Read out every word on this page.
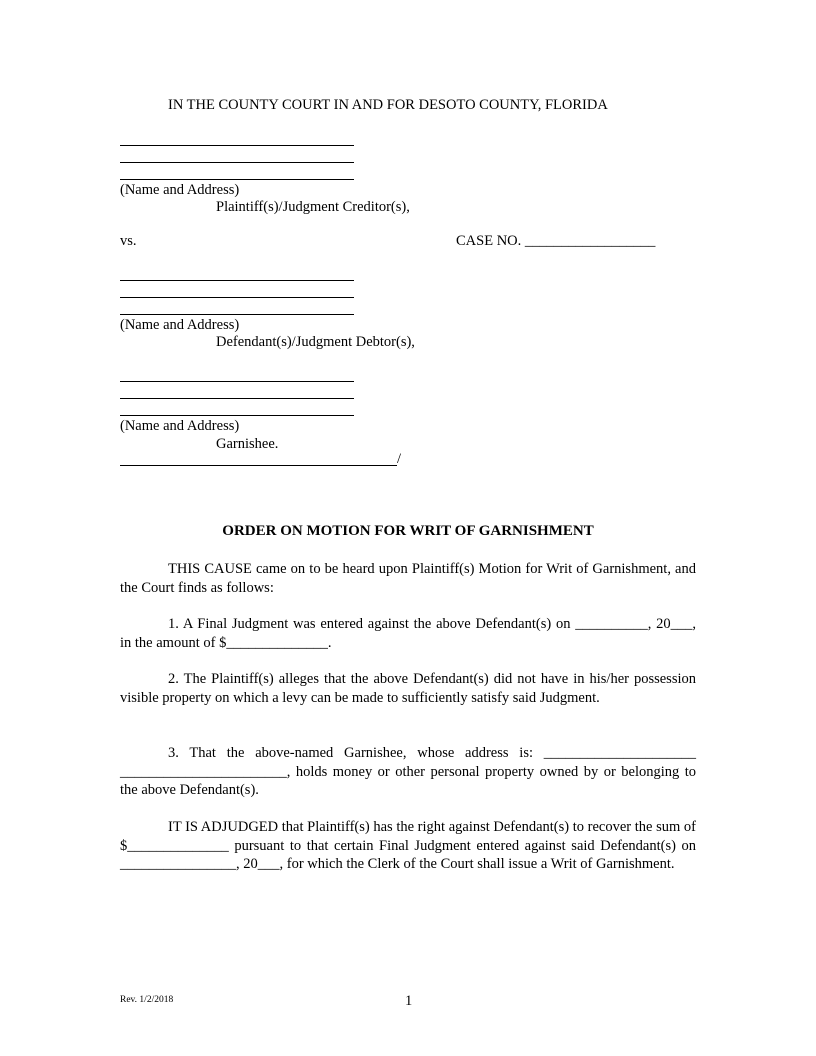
IN THE COUNTY COURT IN AND FOR DESOTO COUNTY, FLORIDA
(Name and Address)
Plaintiff(s)/Judgment Creditor(s),
vs.	CASE NO. __________________
(Name and Address)
Defendant(s)/Judgment Debtor(s),
(Name and Address)
Garnishee.
/
ORDER ON MOTION FOR WRIT OF GARNISHMENT

THIS CAUSE came on to be heard upon Plaintiff(s) Motion for Writ of Garnishment, and the Court finds as follows:

1. A Final Judgment was entered against the above Defendant(s) on __________, 20___, in the amount of $______________.

2. The Plaintiff(s) alleges that the above Defendant(s) did not have in his/her possession visible property on which a levy can be made to sufficiently satisfy said Judgment.

3. That the above-named Garnishee, whose address is: _____________________ _______________________, holds money or other personal property owned by or belonging to the above Defendant(s).

IT IS ADJUDGED that Plaintiff(s) has the right against Defendant(s) to recover the sum of $______________ pursuant to that certain Final Judgment entered against said Defendant(s) on ________________, 20___, for which the Clerk of the Court shall issue a Writ of Garnishment.

Rev. 1/2/2018	1
